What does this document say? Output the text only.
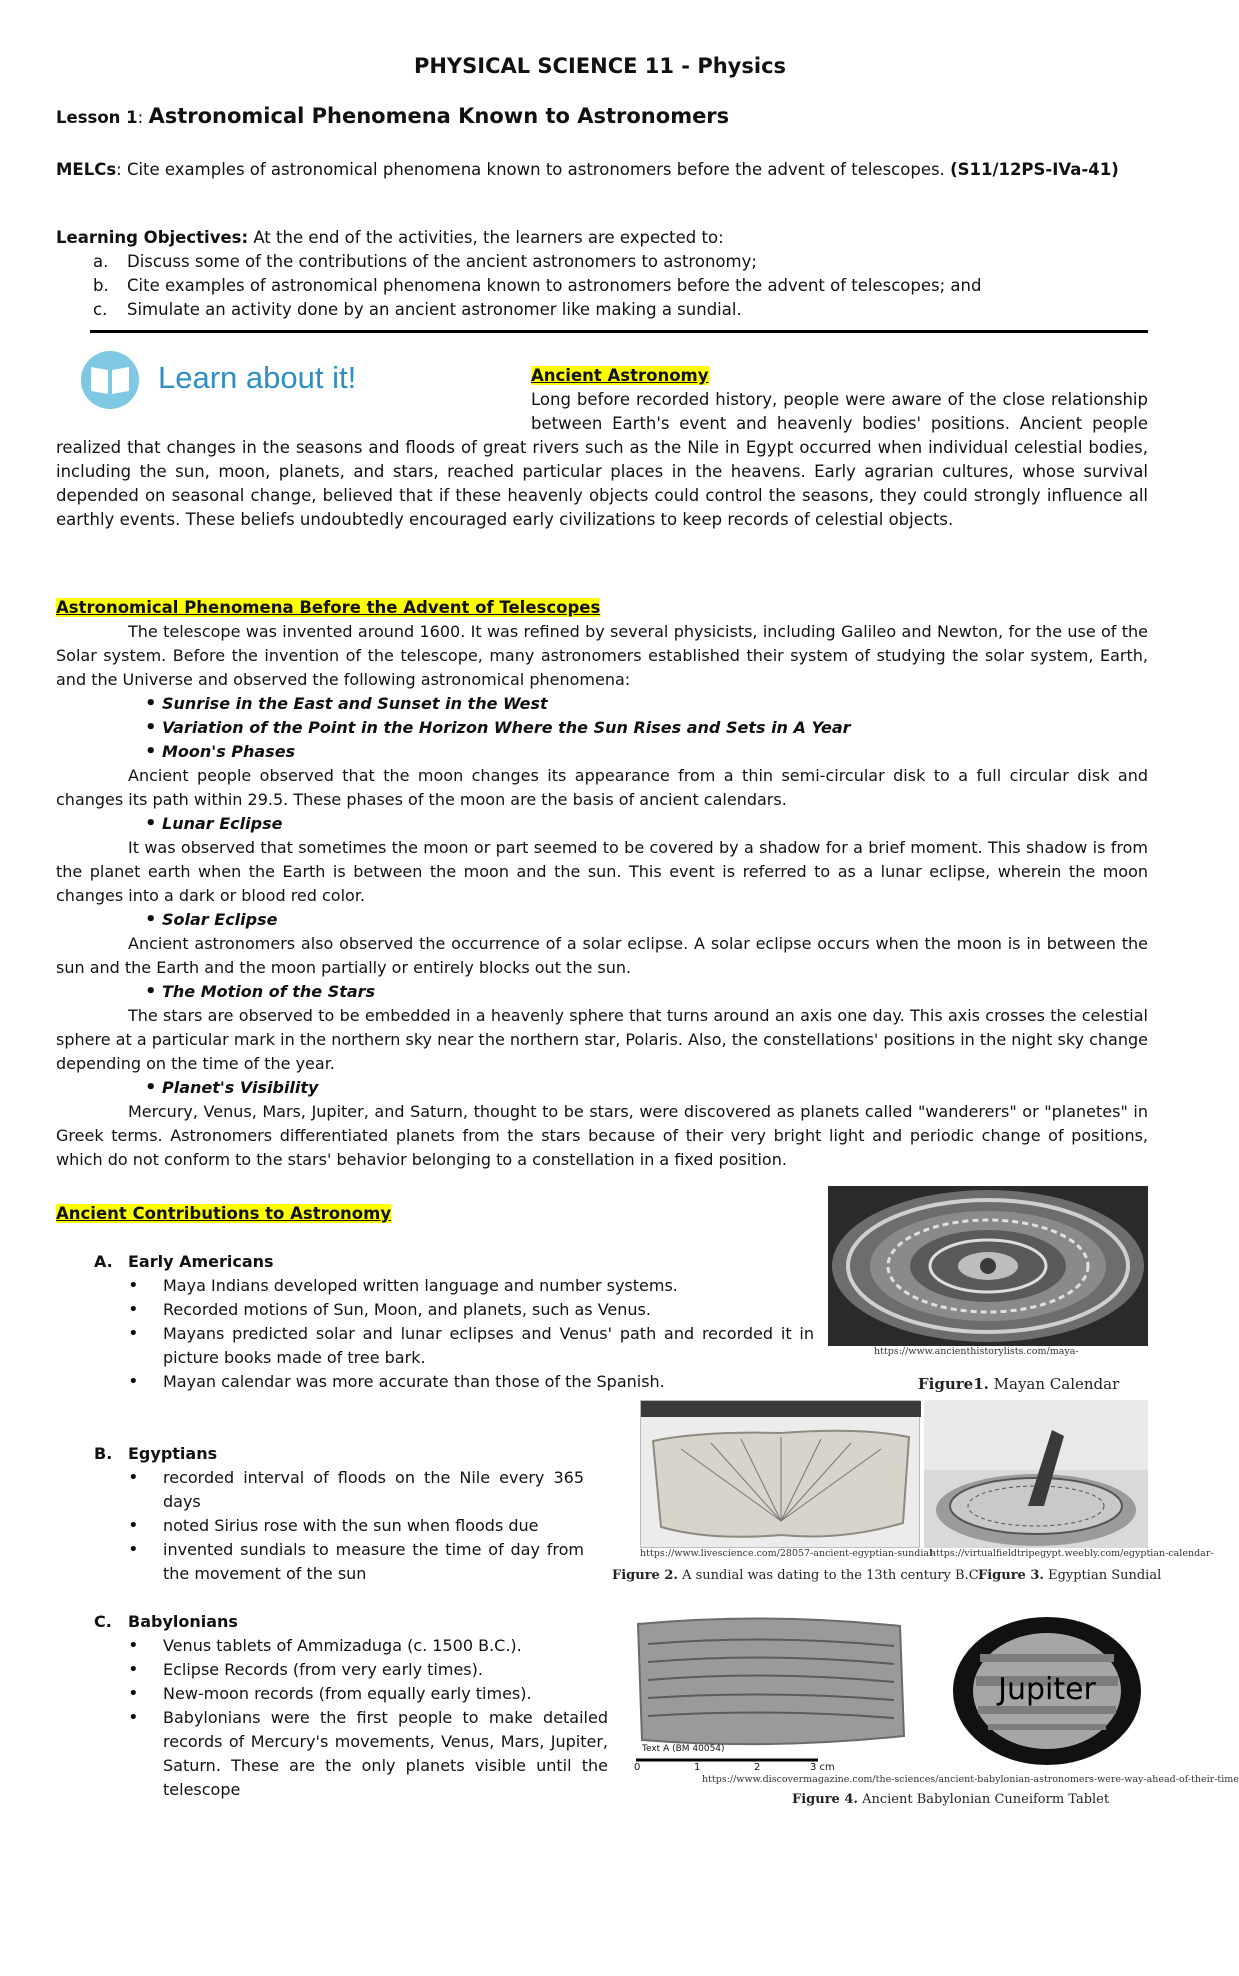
PHYSICAL SCIENCE 11 - Physics
Lesson 1: Astronomical Phenomena Known to Astronomers
MELCs: Cite examples of astronomical phenomena known to astronomers before the advent of telescopes. (S11/12PS-IVa-41)
Learning Objectives: At the end of the activities, the learners are expected to:
a. Discuss some of the contributions of the ancient astronomers to astronomy;
b. Cite examples of astronomical phenomena known to astronomers before the advent of telescopes; and
c. Simulate an activity done by an ancient astronomer like making a sundial.
Learn about it!	Ancient Astronomy
Long before recorded history, people were aware of the close relationship between Earth's event and heavenly bodies' positions. Ancient people realized that changes in the seasons and floods of great rivers such as the Nile in Egypt occurred when individual celestial bodies, including the sun, moon, planets, and stars, reached particular places in the heavens. Early agrarian cultures, whose survival depended on seasonal change, believed that if these heavenly objects could control the seasons, they could strongly influence all earthly events. These beliefs undoubtedly encouraged early civilizations to keep records of celestial objects.
Astronomical Phenomena Before the Advent of Telescopes

The telescope was invented around 1600. It was refined by several physicists, including Galileo and Newton, for the use of the Solar system. Before the invention of the telescope, many astronomers established their system of studying the solar system, Earth, and the Universe and observed the following astronomical phenomena:

• Sunrise in the East and Sunset in the West
• Variation of the Point in the Horizon Where the Sun Rises and Sets in A Year
• Moon's Phases

Ancient people observed that the moon changes its appearance from a thin semi-circular disk to a full circular disk and changes its path within 29.5. These phases of the moon are the basis of ancient calendars.

• Lunar Eclipse

It was observed that sometimes the moon or part seemed to be covered by a shadow for a brief moment. This shadow is from the planet earth when the Earth is between the moon and the sun. This event is referred to as a lunar eclipse, wherein the moon changes into a dark or blood red color.

• Solar Eclipse

Ancient astronomers also observed the occurrence of a solar eclipse. A solar eclipse occurs when the moon is in between the sun and the Earth and the moon partially or entirely blocks out the sun.

• The Motion of the Stars

The stars are observed to be embedded in a heavenly sphere that turns around an axis one day. This axis crosses the celestial sphere at a particular mark in the northern sky near the northern star, Polaris. Also, the constellations' positions in the night sky change depending on the time of the year.

• Planet's Visibility

Mercury, Venus, Mars, Jupiter, and Saturn, thought to be stars, were discovered as planets called "wanderers" or "planetes" in Greek terms. Astronomers differentiated planets from the stars because of their very bright light and periodic change of positions, which do not conform to the stars' behavior belonging to a constellation in a fixed position.

Ancient Contributions to Astronomy
A. Early Americans
• Maya Indians developed written language and number systems.
• Recorded motions of Sun, Moon, and planets, such as Venus.
• Mayans predicted solar and lunar eclipses and Venus' path and recorded it in picture books made of tree bark.
• Mayan calendar was more accurate than those of the Spanish.
B. Egyptians
• recorded interval of floods on the Nile every 365 days
• noted Sirius rose with the sun when floods due
• invented sundials to measure the time of day from the movement of the sun
C. Babylonians
• Venus tablets of Ammizaduga (c. 1500 B.C.).
• Eclipse Records (from very early times).
• New-moon records (from equally early times).
• Babylonians were the first people to make detailed records of Mercury's movements, Venus, Mars, Jupiter, Saturn. These are the only planets visible until the telescope
https://www.ancienthistorylists.com/maya-
Figure1. Mayan Calendar
https://www.livescience.com/28057-ancient-egyptian-sundial-
Figure 2. A sundial was dating to the 13th century B.C
https://virtualfieldtripegypt.weebly.com/egyptian-calendar-
Figure 3. Egyptian Sundial
Text A (BM 40054)
0	1	2	3 cm
Jupiter
https://www.discovermagazine.com/the-sciences/ancient-babylonian-astronomers-were-way-ahead-of-their-time
Figure 4. Ancient Babylonian Cuneiform Tablet
